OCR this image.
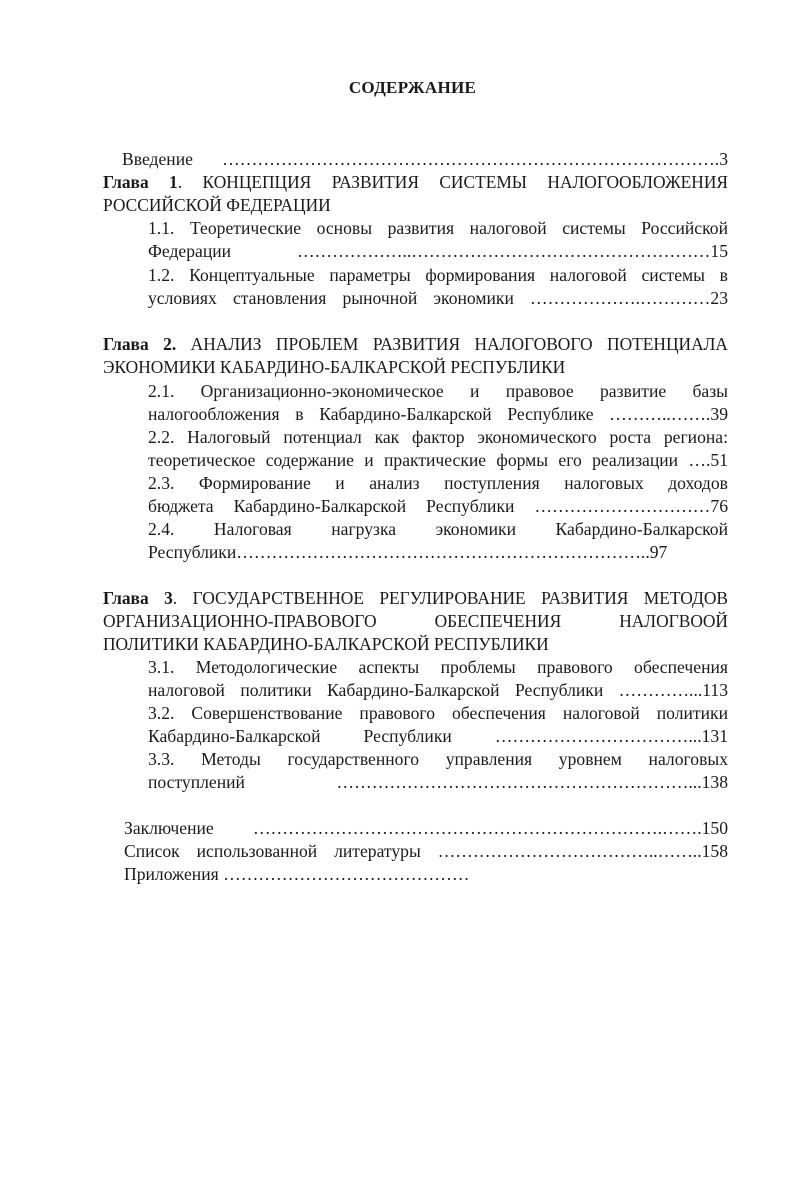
СОДЕРЖАНИЕ
Введение ………………………………………………………………………….3
Глава 1. КОНЦЕПЦИЯ РАЗВИТИЯ СИСТЕМЫ НАЛОГООБЛОЖЕНИЯ
РОССИЙСКОЙ ФЕДЕРАЦИИ
1.1. Теоретические основы развития налоговой системы Российской
Федерации ………………..……………………………………………15
1.2. Концептуальные параметры формирования налоговой системы в
условиях становления рыночной экономики ……………….…………23
Глава 2. АНАЛИЗ ПРОБЛЕМ РАЗВИТИЯ НАЛОГОВОГО ПОТЕНЦИАЛА
ЭКОНОМИКИ КАБАРДИНО-БАЛКАРСКОЙ РЕСПУБЛИКИ
2.1. Организационно-экономическое и правовое развитие базы
налогообложения в Кабардино-Балкарской Республике ………..…….39
2.2. Налоговый потенциал как фактор экономического роста региона:
теоретическое содержание и практические формы его реализации ….51
2.3. Формирование и анализ поступления налоговых доходов
бюджета Кабардино-Балкарской Республики …………………………76
2.4. Налоговая нагрузка экономики Кабардино-Балкарской
Республики……………………………………………………………..97
Глава 3. ГОСУДАРСТВЕННОЕ РЕГУЛИРОВАНИЕ РАЗВИТИЯ МЕТОДОВ
ОРГАНИЗАЦИОННО-ПРАВОВОГО ОБЕСПЕЧЕНИЯ НАЛОГВООЙ
ПОЛИТИКИ КАБАРДИНО-БАЛКАРСКОЙ РЕСПУБЛИКИ
3.1. Методологические аспекты проблемы правового обеспечения
налоговой политики Кабардино-Балкарской Республики …………...113
3.2. Совершенствование правового обеспечения налоговой политики
Кабардино-Балкарской Республики ……………………………...131
3.3. Методы государственного управления уровнем налоговых
поступлений ……………………………………………………...138
Заключение …………………………………………………………….…….150
Список использованной литературы ………………………………..……..158
Приложения ……………………………………
